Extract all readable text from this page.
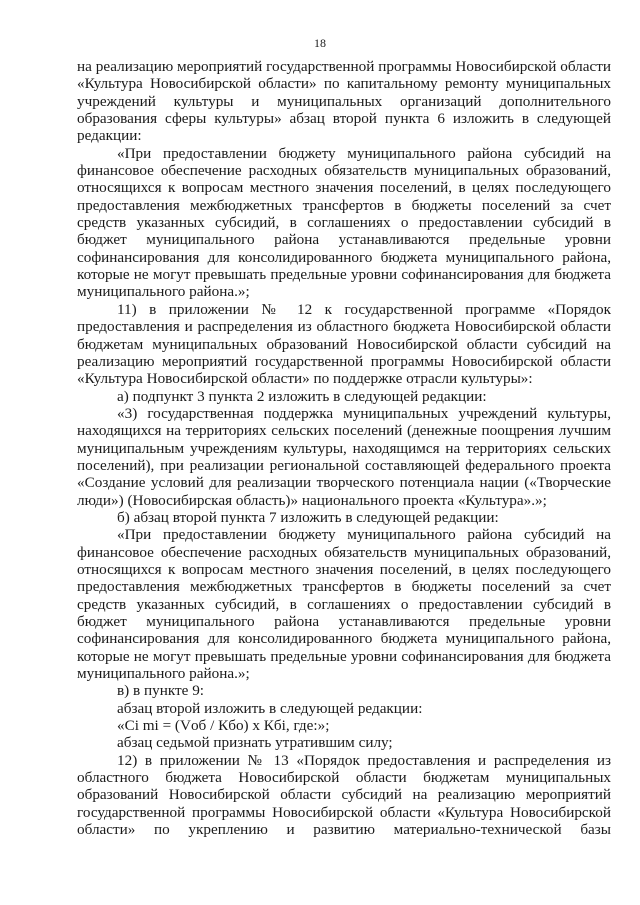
18

на реализацию мероприятий государственной программы Новосибирской области «Культура Новосибирской области» по капитальному ремонту муниципальных учреждений культуры и муниципальных организаций дополнительного образования сферы культуры» абзац второй пункта 6 изложить в следующей редакции:

«При предоставлении бюджету муниципального района субсидий на финансовое обеспечение расходных обязательств муниципальных образований, относящихся к вопросам местного значения поселений, в целях последующего предоставления межбюджетных трансфертов в бюджеты поселений за счет средств указанных субсидий, в соглашениях о предоставлении субсидий в бюджет муниципального района устанавливаются предельные уровни софинансирования для консолидированного бюджета муниципального района, которые не могут превышать предельные уровни софинансирования для бюджета муниципального района.»;

11) в приложении № 12 к государственной программе «Порядок предоставления и распределения из областного бюджета Новосибирской области бюджетам муниципальных образований Новосибирской области субсидий на реализацию мероприятий государственной программы Новосибирской области «Культура Новосибирской области» по поддержке отрасли культуры»:

а) подпункт 3 пункта 2 изложить в следующей редакции:

«3) государственная поддержка муниципальных учреждений культуры, находящихся на территориях сельских поселений (денежные поощрения лучшим муниципальным учреждениям культуры, находящимся на территориях сельских поселений), при реализации региональной составляющей федерального проекта «Создание условий для реализации творческого потенциала нации («Творческие люди») (Новосибирская область)» национального проекта «Культура».»;

б) абзац второй пункта 7 изложить в следующей редакции:

«При предоставлении бюджету муниципального района субсидий на финансовое обеспечение расходных обязательств муниципальных образований, относящихся к вопросам местного значения поселений, в целях последующего предоставления межбюджетных трансфертов в бюджеты поселений за счет средств указанных субсидий, в соглашениях о предоставлении субсидий в бюджет муниципального района устанавливаются предельные уровни софинансирования для консолидированного бюджета муниципального района, которые не могут превышать предельные уровни софинансирования для бюджета муниципального района.»;

в) в пункте 9:

абзац второй изложить в следующей редакции:

«Ci mi = (Vоб / Кбо) х Кбi, где:»;

абзац седьмой признать утратившим силу;

12) в приложении № 13 «Порядок предоставления и распределения из областного бюджета Новосибирской области бюджетам муниципальных образований Новосибирской области субсидий на реализацию мероприятий государственной программы Новосибирской области «Культура Новосибирской области» по укреплению и развитию материально-технической базы
